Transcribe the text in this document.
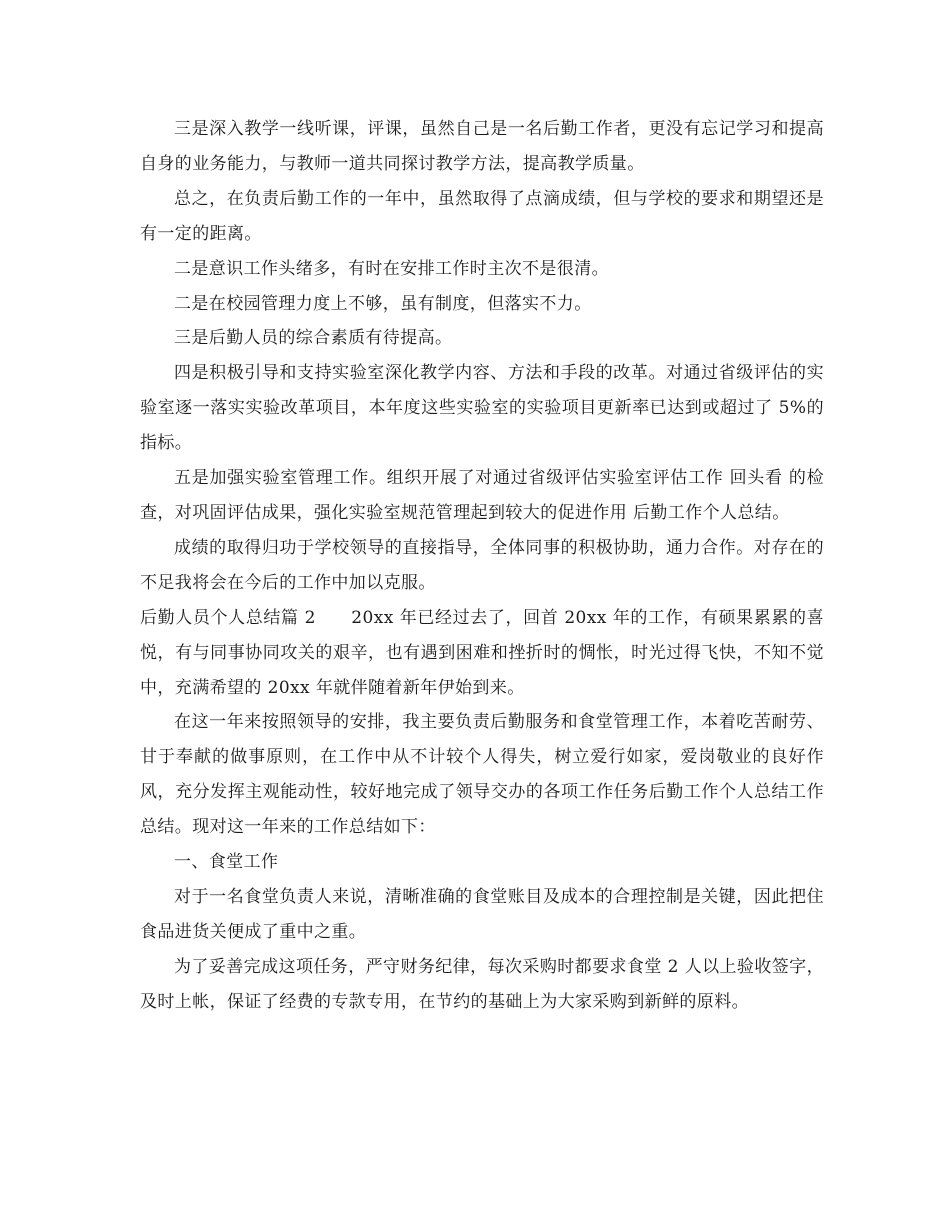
三是深入教学一线听课，评课，虽然自己是一名后勤工作者，更没有忘记学习和提高自身的业务能力，与教师一道共同探讨教学方法，提高教学质量。

总之，在负责后勤工作的一年中，虽然取得了点滴成绩，但与学校的要求和期望还是有一定的距离。

二是意识工作头绪多，有时在安排工作时主次不是很清。

二是在校园管理力度上不够，虽有制度，但落实不力。

三是后勤人员的综合素质有待提高。

四是积极引导和支持实验室深化教学内容、方法和手段的改革。对通过省级评估的实验室逐一落实实验改革项目，本年度这些实验室的实验项目更新率已达到或超过了 5%的指标。

五是加强实验室管理工作。组织开展了对通过省级评估实验室评估工作 回头看 的检查，对巩固评估成果，强化实验室规范管理起到较大的促进作用 后勤工作个人总结。

成绩的取得归功于学校领导的直接指导，全体同事的积极协助，通力合作。对存在的不足我将会在今后的工作中加以克服。

后勤人员个人总结篇 2　　20xx 年已经过去了，回首 20xx 年的工作，有硕果累累的喜悦，有与同事协同攻关的艰辛，也有遇到困难和挫折时的惆怅，时光过得飞快，不知不觉中，充满希望的 20xx 年就伴随着新年伊始到来。

在这一年来按照领导的安排，我主要负责后勤服务和食堂管理工作，本着吃苦耐劳、甘于奉献的做事原则，在工作中从不计较个人得失，树立爱行如家，爱岗敬业的良好作风，充分发挥主观能动性，较好地完成了领导交办的各项工作任务后勤工作个人总结工作总结。现对这一年来的工作总结如下：

一、食堂工作

对于一名食堂负责人来说，清晰准确的食堂账目及成本的合理控制是关键，因此把住食品进货关便成了重中之重。

为了妥善完成这项任务，严守财务纪律，每次采购时都要求食堂 2 人以上验收签字，及时上帐，保证了经费的专款专用，在节约的基础上为大家采购到新鲜的原料。
